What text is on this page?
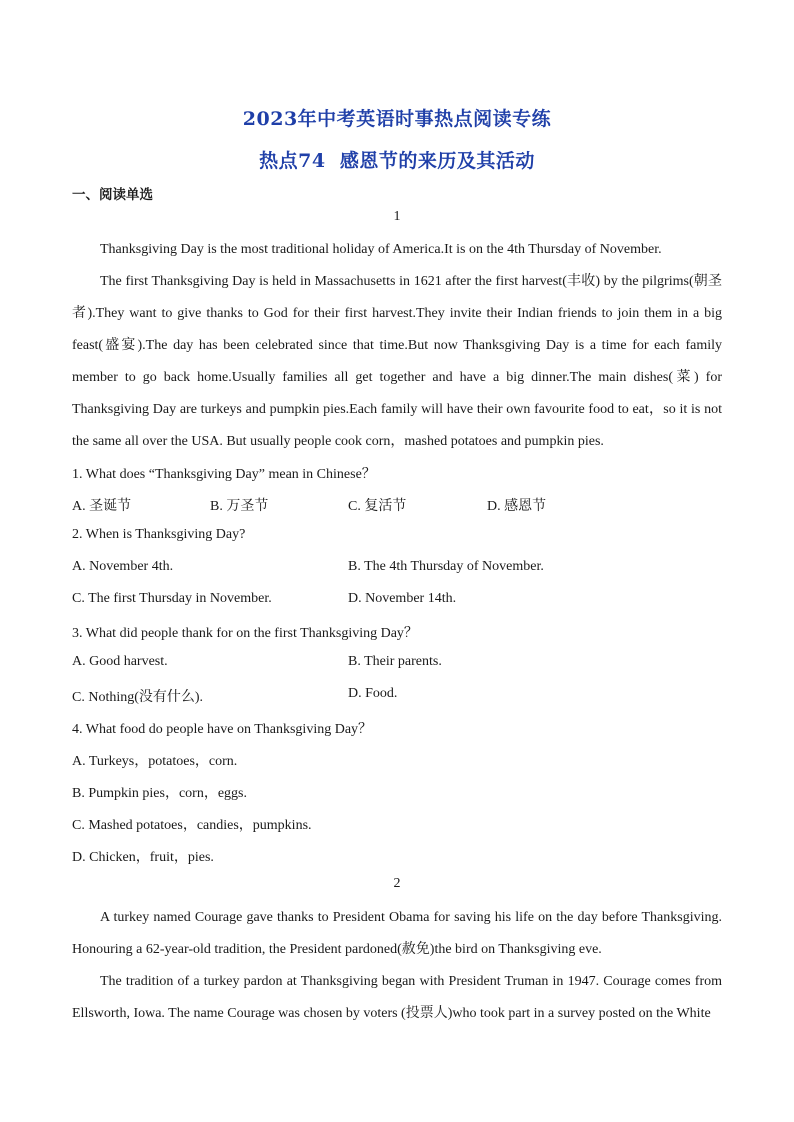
2023年中考英语时事热点阅读专练
热点74  感恩节的来历及其活动
一、阅读单选
1

Thanksgiving Day is the most traditional holiday of America.It is on the 4th Thursday of November.

The first Thanksgiving Day is held in Massachusetts in 1621 after the first harvest(丰收) by the pilgrims(朝圣者).They want to give thanks to God for their first harvest.They invite their Indian friends to join them in a big feast(盛宴).The day has been celebrated since that time.But now Thanksgiving Day is a time for each family member to go back home.Usually families all get together and have a big dinner.The main dishes(菜) for Thanksgiving Day are turkeys and pumpkin pies.Each family will have their own favourite food to eat，so it is not the same all over the USA. But usually people cook corn，mashed potatoes and pumpkin pies.

1. What does “Thanksgiving Day” mean in Chinese？
A. 圣诞节	B. 万圣节	C. 复活节	D. 感恩节
2. When is Thanksgiving Day?
A. November 4th.	B. The 4th Thursday of November.
C. The first Thursday in November.	D. November 14th.
3. What did people thank for on the first Thanksgiving Day？
A. Good harvest.	B. Their parents.
C. Nothing(没有什么).	D. Food.
4. What food do people have on Thanksgiving Day？
A. Turkeys，potatoes，corn.
B. Pumpkin pies，corn，eggs.
C. Mashed potatoes，candies，pumpkins.
D. Chicken，fruit，pies.
2

A turkey named Courage gave thanks to President Obama for saving his life on the day before Thanksgiving. Honouring a 62-year-old tradition, the President pardoned(赦免)the bird on Thanksgiving eve.

The tradition of a turkey pardon at Thanksgiving began with President Truman in 1947. Courage comes from Ellsworth, Iowa. The name Courage was chosen by voters (投票人)who took part in a survey posted on the White
